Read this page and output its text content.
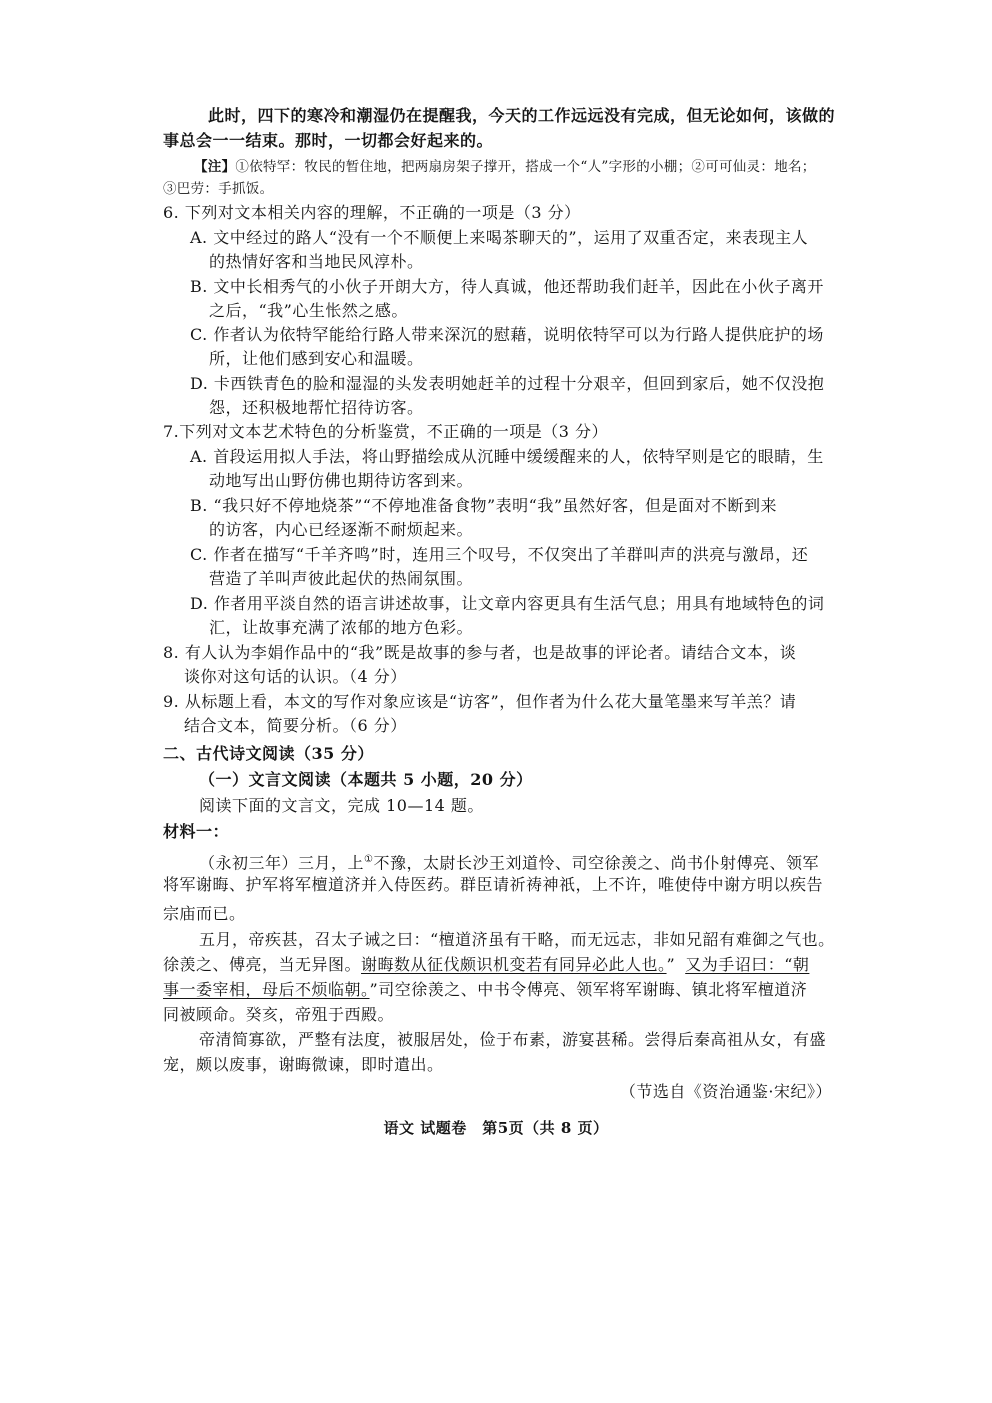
此时，四下的寒冷和潮湿仍在提醒我，今天的工作远远没有完成，但无论如何，该做的
事总会一一结束。那时，一切都会好起来的。
【注】①依特罕：牧民的暂住地，把两扇房架子撑开，搭成一个“人”字形的小棚；②可可仙灵：地名；
③巴劳：手抓饭。
6. 下列对文本相关内容的理解，不正确的一项是（3 分）
A. 文中经过的路人“没有一个不顺便上来喝茶聊天的”，运用了双重否定，来表现主人
的热情好客和当地民风淳朴。
B. 文中长相秀气的小伙子开朗大方，待人真诚，他还帮助我们赶羊，因此在小伙子离开
之后，“我”心生怅然之感。
C. 作者认为依特罕能给行路人带来深沉的慰藉，说明依特罕可以为行路人提供庇护的场
所，让他们感到安心和温暖。
D. 卡西铁青色的脸和湿湿的头发表明她赶羊的过程十分艰辛，但回到家后，她不仅没抱
怨，还积极地帮忙招待访客。
7.下列对文本艺术特色的分析鉴赏，不正确的一项是（3 分）
A. 首段运用拟人手法，将山野描绘成从沉睡中缓缓醒来的人，依特罕则是它的眼睛，生
动地写出山野仿佛也期待访客到来。
B. “我只好不停地烧茶”“不停地准备食物”表明“我”虽然好客，但是面对不断到来
的访客，内心已经逐渐不耐烦起来。
C. 作者在描写“千羊齐鸣”时，连用三个叹号，不仅突出了羊群叫声的洪亮与激昂，还
营造了羊叫声彼此起伏的热闹氛围。
D. 作者用平淡自然的语言讲述故事，让文章内容更具有生活气息；用具有地域特色的词
汇，让故事充满了浓郁的地方色彩。
8. 有人认为李娟作品中的“我”既是故事的参与者，也是故事的评论者。请结合文本，谈
谈你对这句话的认识。（4 分）
9. 从标题上看，本文的写作对象应该是“访客”，但作者为什么花大量笔墨来写羊羔？请
结合文本，简要分析。（6 分）
二、古代诗文阅读（35 分）
（一）文言文阅读（本题共 5 小题，20 分）
阅读下面的文言文，完成 10—14 题。
材料一：
（永初三年）三月，上①不豫，太尉长沙王刘道怜、司空徐羡之、尚书仆射傅亮、领军
将军谢晦、护军将军檀道济并入侍医药。群臣请祈祷神祇，上不许，唯使侍中谢方明以疾告
宗庙而已。
五月，帝疾甚，召太子诫之曰：“檀道济虽有干略，而无远志，非如兄韶有难御之气也。
徐羡之、傅亮，当无异图。谢晦数从征伐颇识机变若有同异必此人也。” 又为手诏曰：“朝
事一委宰相，母后不烦临朝。”司空徐羡之、中书令傅亮、领军将军谢晦、镇北将军檀道济
同被顾命。癸亥，帝殂于西殿。
帝清简寡欲，严整有法度，被服居处，俭于布素，游宴甚稀。尝得后秦高祖从女，有盛
宠，颇以废事，谢晦微谏，即时遣出。
（节选自《资治通鉴·宋纪》）
语文 试题卷　第5页（共 8 页）
